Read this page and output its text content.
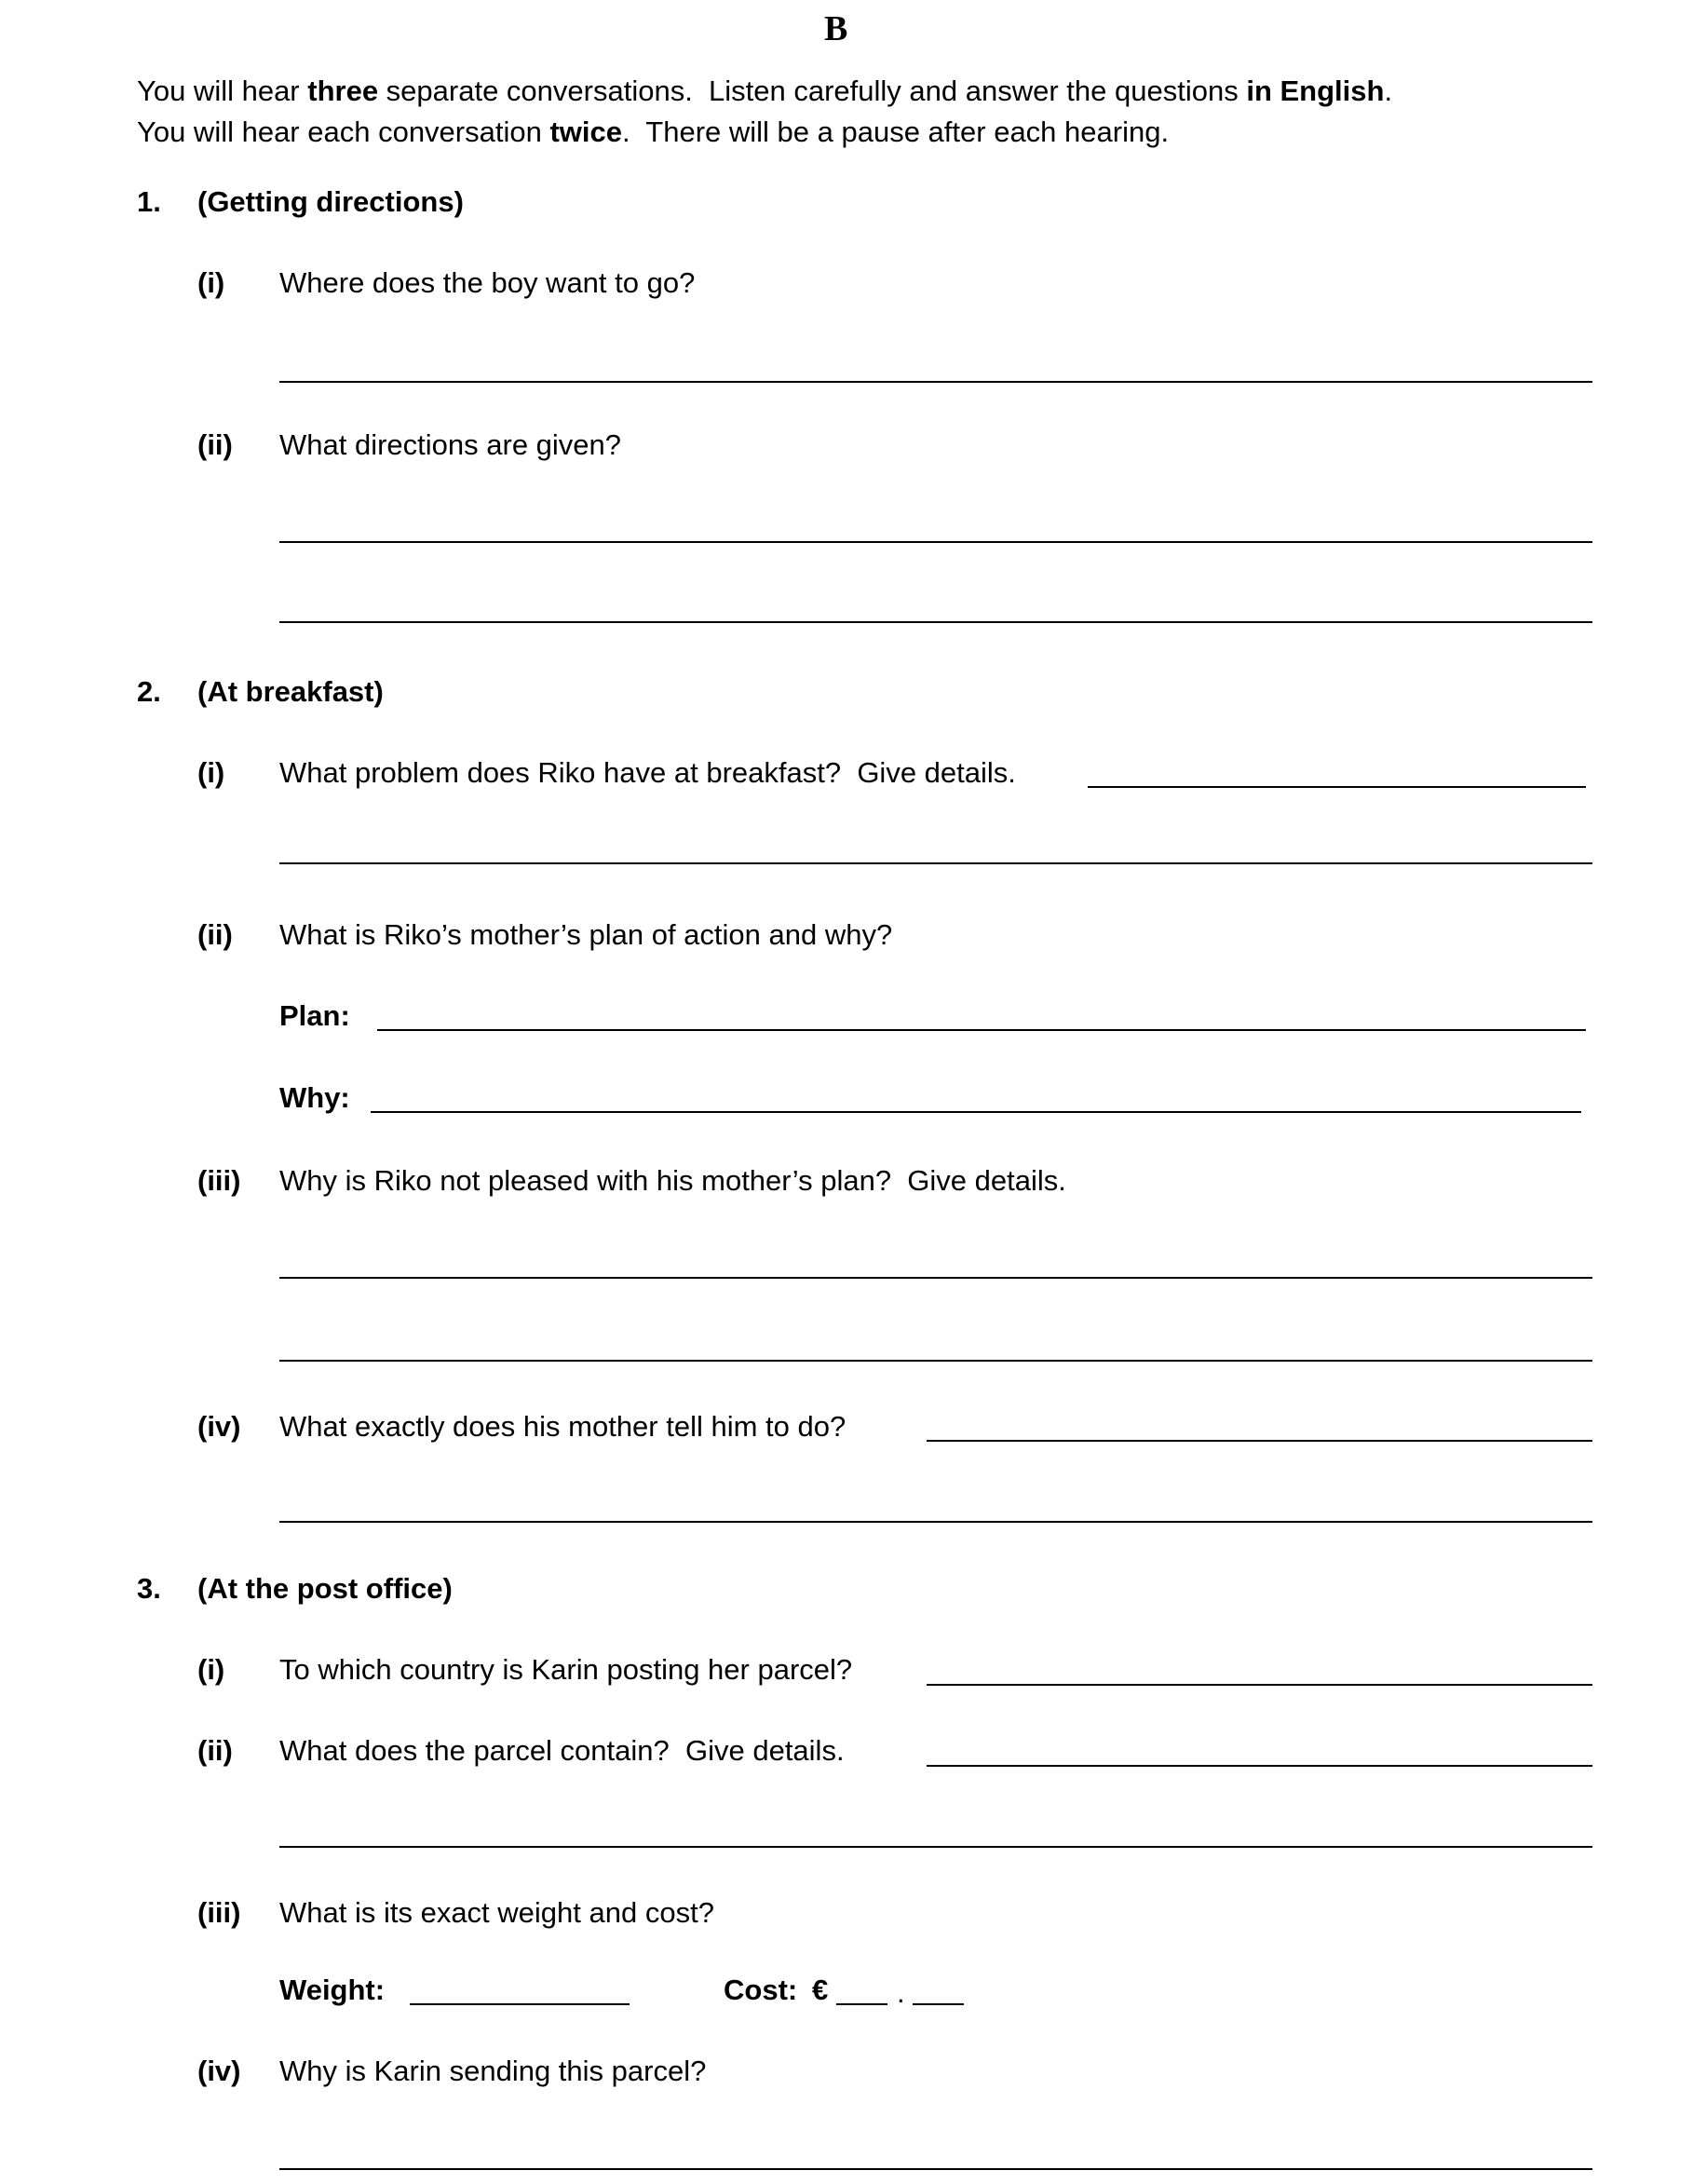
B
You will hear three separate conversations.  Listen carefully and answer the questions in English.
You will hear each conversation twice.  There will be a pause after each hearing.
1. (Getting directions)
(i) Where does the boy want to go?
(ii) What directions are given?
2. (At breakfast)
(i) What problem does Riko have at breakfast?  Give details.
(ii) What is Riko’s mother’s plan of action and why?
Plan:
Why:
(iii) Why is Riko not pleased with his mother’s plan?  Give details.
(iv) What exactly does his mother tell him to do?
3. (At the post office)
(i) To which country is Karin posting her parcel?
(ii) What does the parcel contain?  Give details.
(iii) What is its exact weight and cost?
Weight:	Cost: € .
(iv) Why is Karin sending this parcel?
